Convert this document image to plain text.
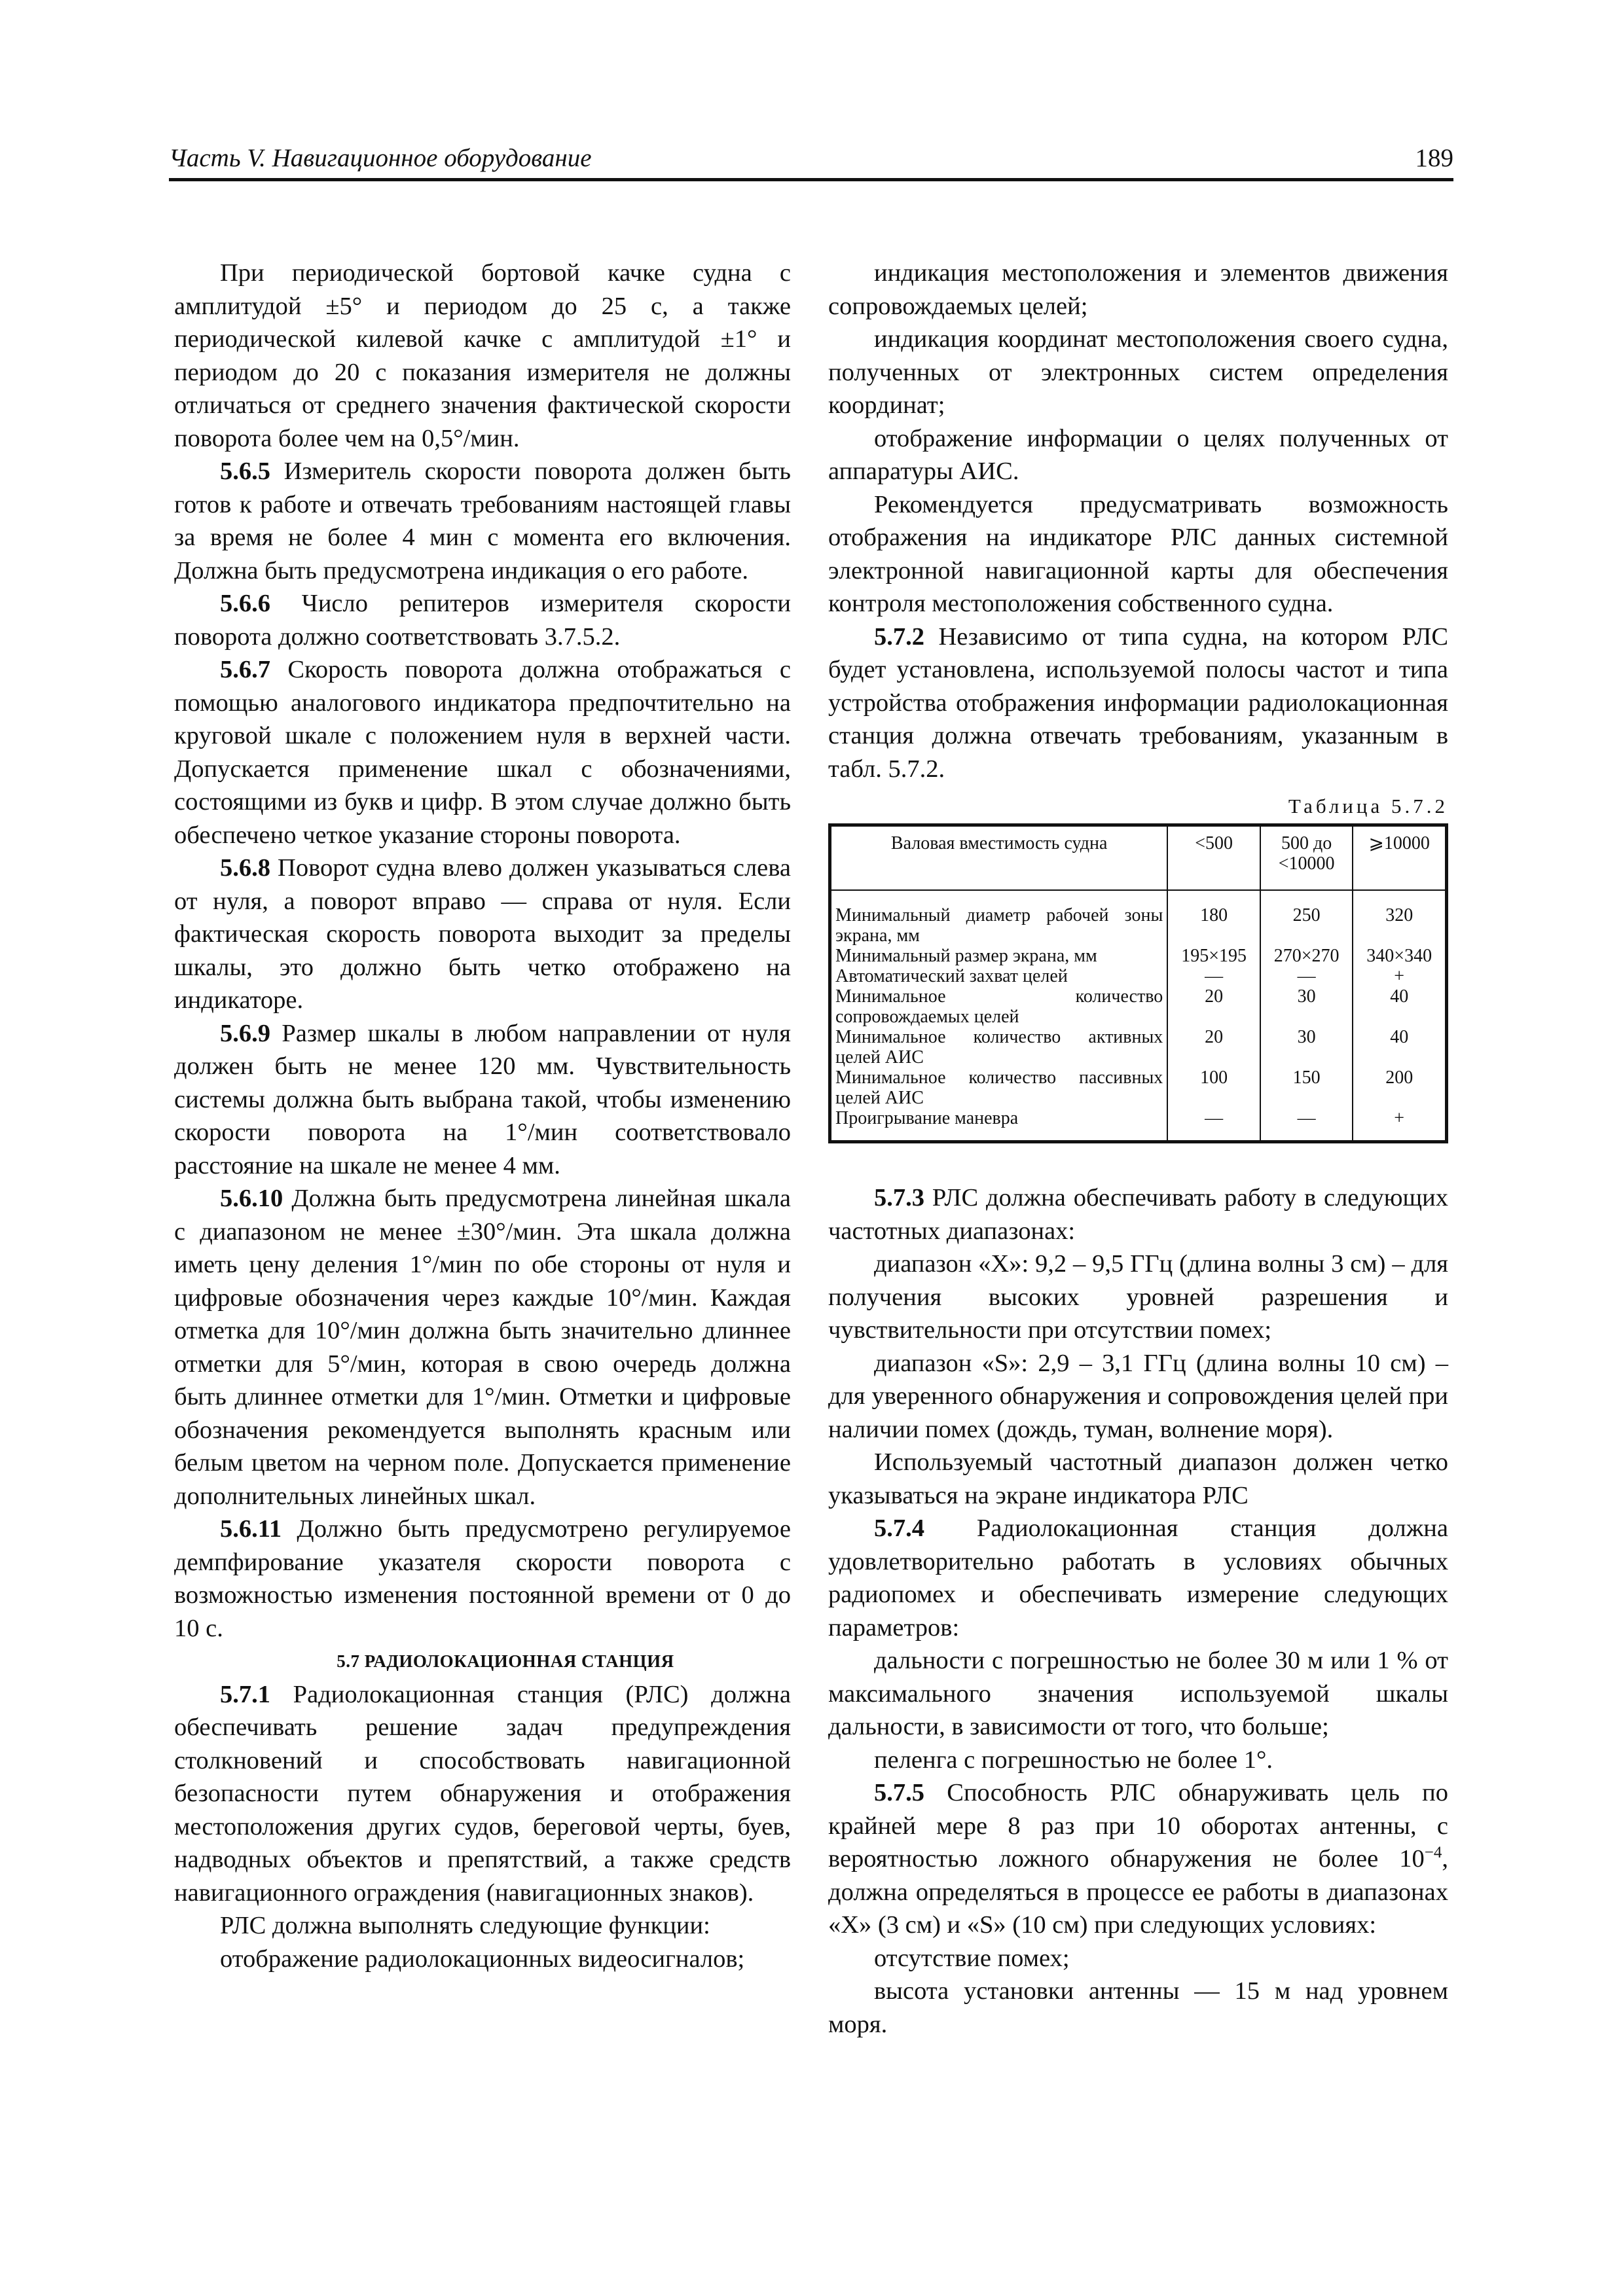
Часть V. Навигационное оборудование	189

При периодической бортовой качке судна с амплитудой ±5° и периодом до 25 с, а также периодической килевой качке с амплитудой ±1° и периодом до 20 с показания измерителя не должны отличаться от среднего значения фактической скорости поворота более чем на 0,5°/мин.

5.6.5 Измеритель скорости поворота должен быть готов к работе и отвечать требованиям настоящей главы за время не более 4 мин с момента его включения. Должна быть предусмотрена индикация о его работе.

5.6.6 Число репитеров измерителя скорости поворота должно соответствовать 3.7.5.2.

5.6.7 Скорость поворота должна отображаться с помощью аналогового индикатора предпочтительно на круговой шкале с положением нуля в верхней части. Допускается применение шкал с обозначениями, состоящими из букв и цифр. В этом случае должно быть обеспечено четкое указание стороны поворота.

5.6.8 Поворот судна влево должен указываться слева от нуля, а поворот вправо — справа от нуля. Если фактическая скорость поворота выходит за пределы шкалы, это должно быть четко отображено на индикаторе.

5.6.9 Размер шкалы в любом направлении от нуля должен быть не менее 120 мм. Чувствительность системы должна быть выбрана такой, чтобы изменению скорости поворота на 1°/мин соответствовало расстояние на шкале не менее 4 мм.

5.6.10 Должна быть предусмотрена линейная шкала с диапазоном не менее ±30°/мин. Эта шкала должна иметь цену деления 1°/мин по обе стороны от нуля и цифровые обозначения через каждые 10°/мин. Каждая отметка для 10°/мин должна быть значительно длиннее отметки для 5°/мин, которая в свою очередь должна быть длиннее отметки для 1°/мин. Отметки и цифровые обозначения рекомендуется выполнять красным или белым цветом на черном поле. Допускается применение дополнительных линейных шкал.

5.6.11 Должно быть предусмотрено регулируемое демпфирование указателя скорости поворота с возможностью изменения постоянной времени от 0 до 10 с.

5.7 РАДИОЛОКАЦИОННАЯ СТАНЦИЯ

5.7.1 Радиолокационная станция (РЛС) должна обеспечивать решение задач предупреждения столкновений и способствовать навигационной безопасности путем обнаружения и отображения местоположения других судов, береговой черты, буев, надводных объектов и препятствий, а также средств навигационного ограждения (навигационных знаков).

РЛС должна выполнять следующие функции:

отображение радиолокационных видеосигналов;

индикация местоположения и элементов движения сопровождаемых целей;

индикация координат местоположения своего судна, полученных от электронных систем определения координат;

отображение информации о целях полученных от аппаратуры АИС.

Рекомендуется предусматривать возможность отображения на индикаторе РЛС данных системной электронной навигационной карты для обеспечения контроля местоположения собственного судна.

5.7.2 Независимо от типа судна, на котором РЛС будет установлена, используемой полосы частот и типа устройства отображения информации радиолокационная станция должна отвечать требованиям, указанным в табл. 5.7.2.

Таблица 5.7.2
Валовая вместимость судна	<500	500 до <10000	⩾10000
Минимальный диаметр рабочей зоны экрана, мм	180	250	320
Минимальный размер экрана, мм	195×195	270×270	340×340
Автоматический захват целей	—	—	+
Минимальное количество сопровождаемых целей	20	30	40
Минимальное количество активных целей АИС	20	30	40
Минимальное количество пассивных целей АИС	100	150	200
Проигрывание маневра	—	—	+

5.7.3 РЛС должна обеспечивать работу в следующих частотных диапазонах:

диапазон «Х»: 9,2 – 9,5 ГГц (длина волны 3 см) – для получения высоких уровней разрешения и чувствительности при отсутствии помех;

диапазон «S»: 2,9 – 3,1 ГГц (длина волны 10 см) – для уверенного обнаружения и сопровождения целей при наличии помех (дождь, туман, волнение моря).

Используемый частотный диапазон должен четко указываться на экране индикатора РЛС

5.7.4 Радиолокационная станция должна удовлетворительно работать в условиях обычных радиопомех и обеспечивать измерение следующих параметров:

дальности с погрешностью не более 30 м или 1 % от максимального значения используемой шкалы дальности, в зависимости от того, что больше;

пеленга с погрешностью не более 1°.

5.7.5 Способность РЛС обнаруживать цель по крайней мере 8 раз при 10 оборотах антенны, с вероятностью ложного обнаружения не более $10^{-4}$, должна определяться в процессе ее работы в диапазонах «Х» (3 см) и «S» (10 см) при следующих условиях:

отсутствие помех;

высота установки антенны — 15 м над уровнем моря.
